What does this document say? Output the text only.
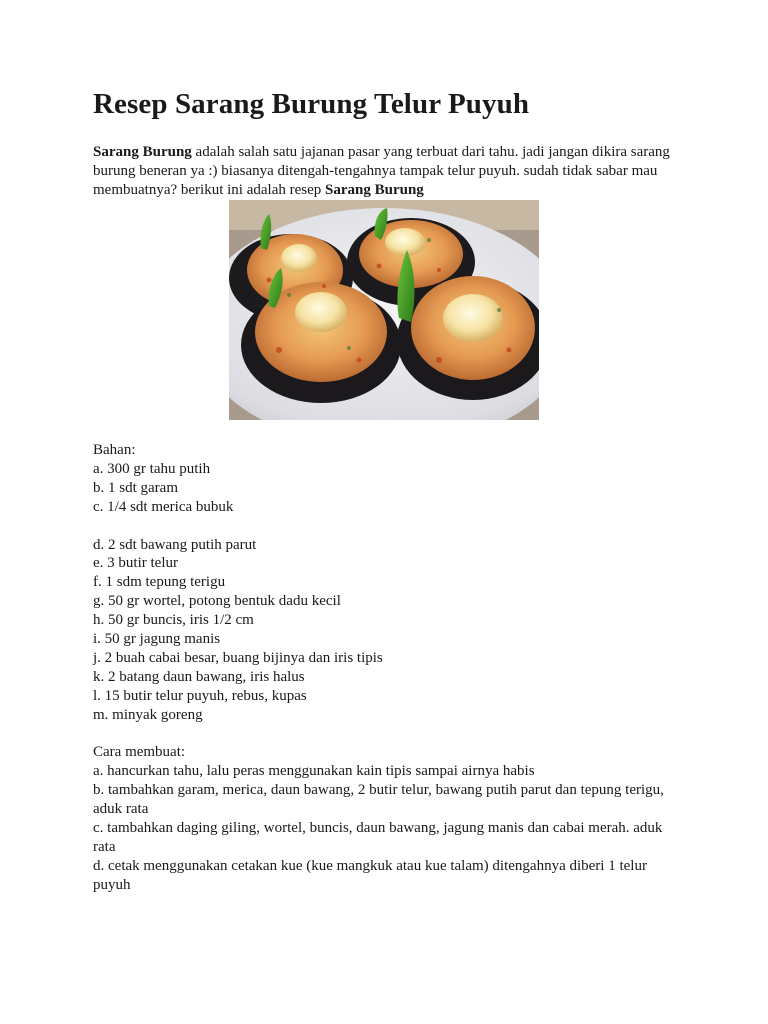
Resep Sarang Burung Telur Puyuh

Sarang Burung adalah salah satu jajanan pasar yang terbuat dari tahu. jadi jangan dikira sarang burung beneran ya :) biasanya ditengah-tengahnya tampak telur puyuh. sudah tidak sabar mau membuatnya? berikut ini adalah resep Sarang Burung

Bahan:
a. 300 gr tahu putih
b. 1 sdt garam
c. 1/4 sdt merica bubuk
d. 2 sdt bawang putih parut
e. 3 butir telur
f. 1 sdm tepung terigu
g. 50 gr wortel, potong bentuk dadu kecil
h. 50 gr buncis, iris 1/2 cm
i. 50 gr jagung manis
j. 2 buah cabai besar, buang bijinya dan iris tipis
k. 2 batang daun bawang, iris halus
l. 15 butir telur puyuh, rebus, kupas
m. minyak goreng
Cara membuat:
a. hancurkan tahu, lalu peras menggunakan kain tipis sampai airnya habis
b. tambahkan garam, merica, daun bawang, 2 butir telur, bawang putih parut dan tepung terigu, aduk rata
c. tambahkan daging giling, wortel, buncis, daun bawang, jagung manis dan cabai merah. aduk rata
d. cetak menggunakan cetakan kue (kue mangkuk atau kue talam) ditengahnya diberi 1 telur puyuh
